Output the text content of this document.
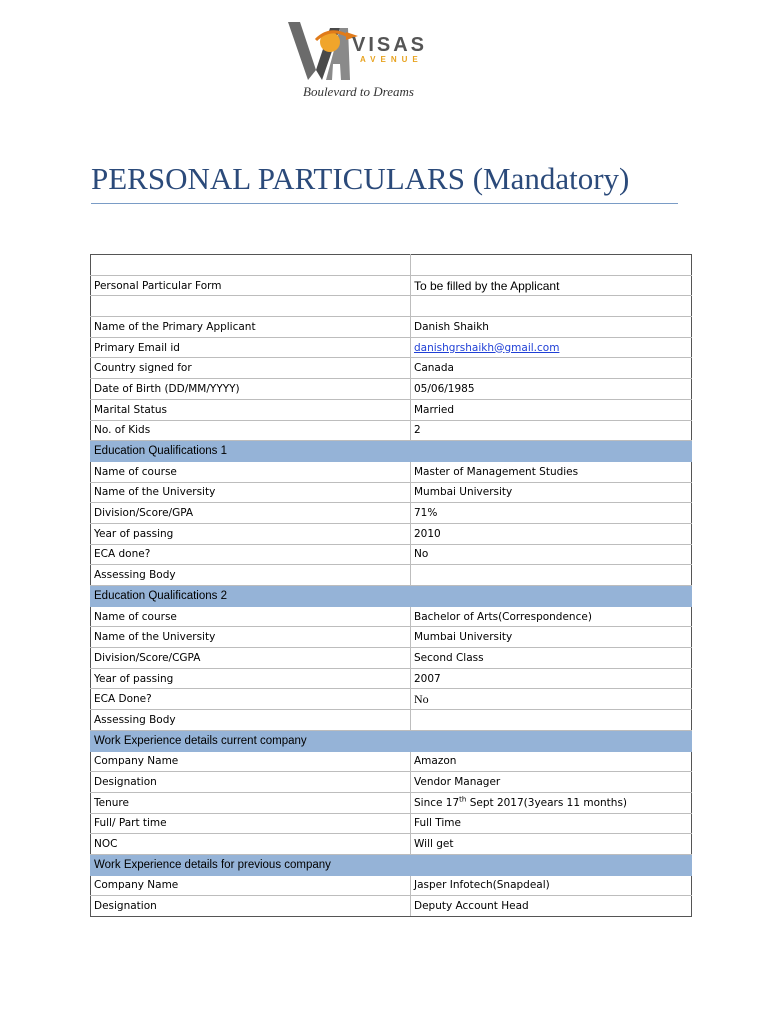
VISAS
AVENUE
Boulevard to Dreams
PERSONAL PARTICULARS (Mandatory)

Personal Particular Form	To be filled by the Applicant

Name of the Primary Applicant	Danish Shaikh
Primary Email id	danishgrshaikh@gmail.com
Country signed for	Canada
Date of Birth (DD/MM/YYYY)	05/06/1985
Marital Status	Married
No. of Kids	2
Education Qualifications 1	
Name of course	Master of Management Studies
Name of the University	Mumbai University
Division/Score/GPA	71%
Year of passing	2010
ECA done?	No
Assessing Body	
Education Qualifications 2	
Name of course	Bachelor of Arts(Correspondence)
Name of the University	Mumbai University
Division/Score/CGPA	Second Class
Year of passing	2007
ECA Done?	No
Assessing Body	
Work Experience details current company	
Company Name	Amazon
Designation	Vendor Manager
Tenure	Since 17th Sept 2017(3years 11 months)
Full/ Part time	Full Time
NOC	Will get
Work Experience details for previous company	
Company Name	Jasper Infotech(Snapdeal)
Designation	Deputy Account Head
